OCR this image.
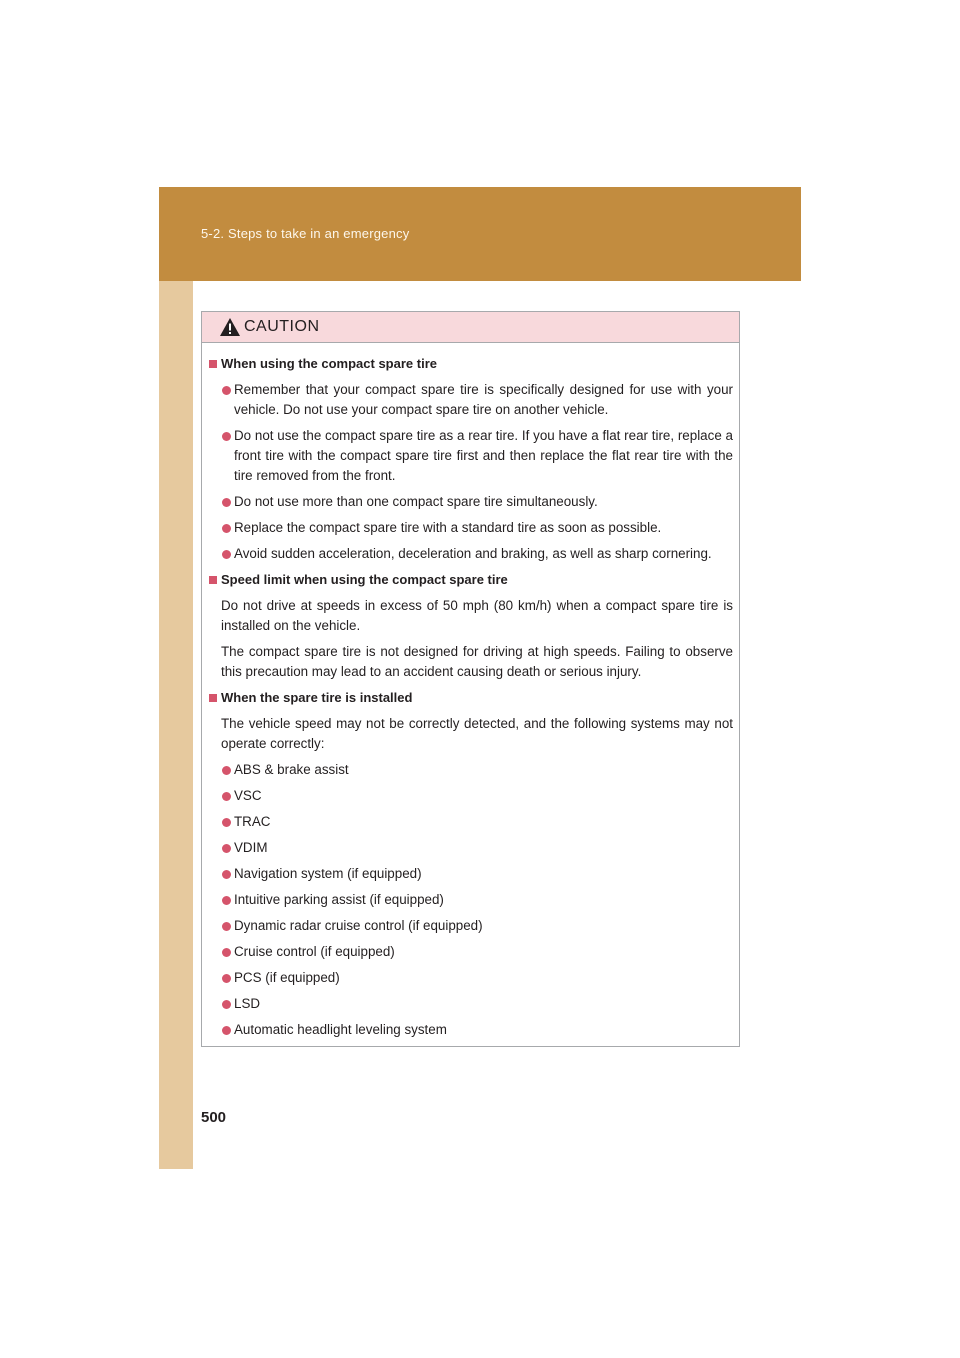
5-2. Steps to take in an emergency
CAUTION
When using the compact spare tire
Remember that your compact spare tire is specifically designed for use with your vehicle. Do not use your compact spare tire on another vehicle.
Do not use the compact spare tire as a rear tire. If you have a flat rear tire, replace a front tire with the compact spare tire first and then replace the flat rear tire with the tire removed from the front.
Do not use more than one compact spare tire simultaneously.
Replace the compact spare tire with a standard tire as soon as possible.
Avoid sudden acceleration, deceleration and braking, as well as sharp cornering.
Speed limit when using the compact spare tire
Do not drive at speeds in excess of 50 mph (80 km/h) when a compact spare tire is installed on the vehicle.
The compact spare tire is not designed for driving at high speeds. Failing to observe this precaution may lead to an accident causing death or serious injury.
When the spare tire is installed
The vehicle speed may not be correctly detected, and the following systems may not operate correctly:
ABS & brake assist
VSC
TRAC
VDIM
Navigation system (if equipped)
Intuitive parking assist (if equipped)
Dynamic radar cruise control (if equipped)
Cruise control (if equipped)
PCS (if equipped)
LSD
Automatic headlight leveling system
500
